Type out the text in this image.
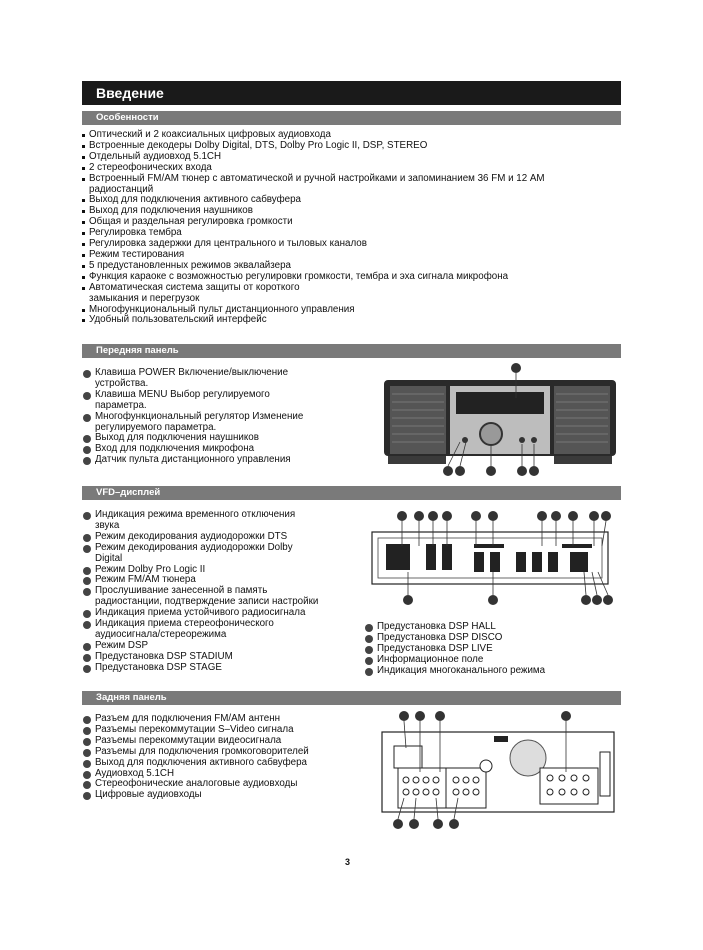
Введение
Особенности
Оптический и 2 коаксиальных цифровых аудиовхода
Встроенные декодеры Dolby Digital, DTS, Dolby Pro Logic II, DSP, STEREO
Отдельный аудиовход 5.1CH
2 стереофонических входа
Встроенный FM/AM тюнер с автоматической и ручной настройками и запоминанием 36 FM и 12 AM радиостанций
Выход для подключения активного сабвуфера
Выход для подключения наушников
Общая и раздельная регулировка громкости
Регулировка тембра
Регулировка задержки для центрального и тыловых каналов
Режим тестирования
5 предустановленных режимов эквалайзера
Функция караоке с возможностью регулировки громкости, тембра и эха сигнала микрофона
Автоматическая система защиты от короткого замыкания и перегрузок
Многофункциональный пульт дистанционного управления
Удобный пользовательский интерфейс
Передняя панель
Клавиша POWER Включение/выключение устройства.
Клавиша MENU Выбор регулируемого параметра.
Многофункциональный регулятор Изменение регулируемого параметра.
Выход для подключения наушников
Вход для подключения микрофона
Датчик пульта дистанционного управления
VFD–дисплей
Индикация режима временного отключения звука
Режим декодирования аудиодорожки DTS
Режим декодирования аудиодорожки Dolby Digital
Режим Dolby Pro Logic II
Режим FM/AM тюнера
Прослушивание занесенной в память радиостанции, подтверждение записи настройки
Индикация приема устойчивого радиосигнала
Индикация приема стереофонического аудиосигнала/стереорежима
Режим DSP
Предустановка DSP STADIUM
Предустановка DSP STAGE
Предустановка DSP HALL
Предустановка DSP DISCO
Предустановка DSP LIVE
Информационное поле
Индикация многоканального режима
Задняя панель
Разъем для подключения FM/AM антенн
Разъемы перекоммутации S–Video сигнала
Разъемы перекоммутации видеосигнала
Разъемы для подключения громкоговорителей
Выход для подключения активного сабвуфера
Аудиовход 5.1CH
Стереофонические аналоговые аудиовходы
Цифровые аудиовходы
3
